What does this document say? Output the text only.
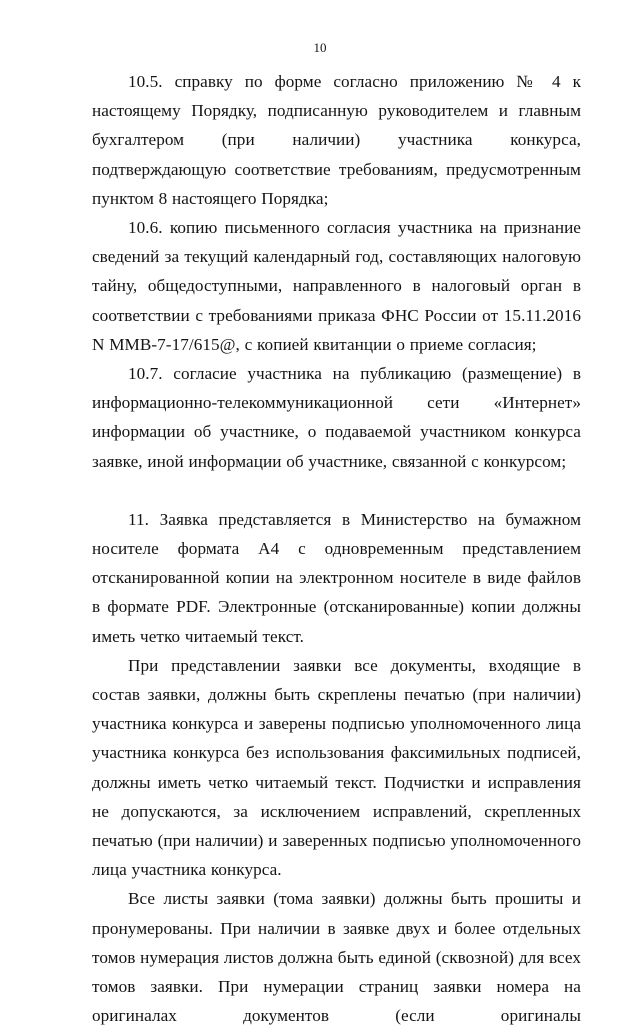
10

10.5. справку по форме согласно приложению № 4 к настоящему Порядку, подписанную руководителем и главным бухгалтером (при наличии) участника конкурса, подтверждающую соответствие требованиям, предусмотренным пунктом 8 настоящего Порядка;

10.6. копию письменного согласия участника на признание сведений за текущий календарный год, составляющих налоговую тайну, общедоступными, направленного в налоговый орган в соответствии с требованиями приказа ФНС России от 15.11.2016 N ММВ-7-17/615@, с копией квитанции о приеме согласия;

10.7. согласие участника на публикацию (размещение) в информационно-телекоммуникационной сети «Интернет» информации об участнике, о подаваемой участником конкурса заявке, иной информации об участнике, связанной с конкурсом;

11. Заявка представляется в Министерство на бумажном носителе формата А4 с одновременным представлением отсканированной копии на электронном носителе в виде файлов в формате PDF. Электронные (отсканированные) копии должны иметь четко читаемый текст.

При представлении заявки все документы, входящие в состав заявки, должны быть скреплены печатью (при наличии) участника конкурса и заверены подписью уполномоченного лица участника конкурса без использования факсимильных подписей, должны иметь четко читаемый текст. Подчистки и исправления не допускаются, за исключением исправлений, скрепленных печатью (при наличии) и заверенных подписью уполномоченного лица участника конкурса.

Все листы заявки (тома заявки) должны быть прошиты и пронумерованы. При наличии в заявке двух и более отдельных томов нумерация листов должна быть единой (сквозной) для всех томов заявки. При нумерации страниц заявки номера на оригиналах документов (если оригиналы
